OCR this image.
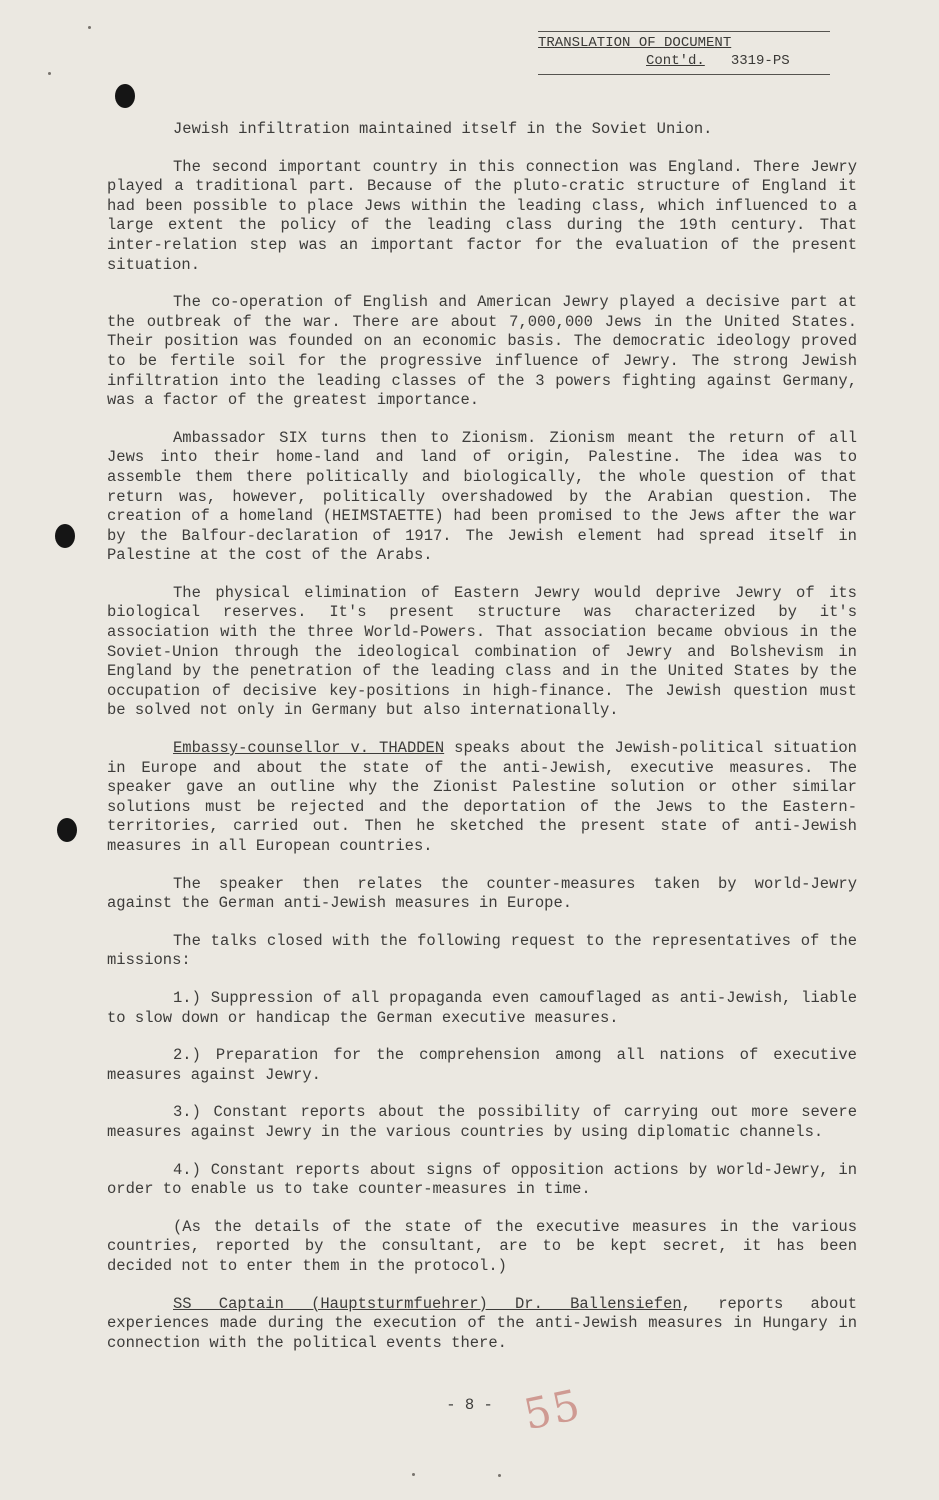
TRANSLATION OF DOCUMENT
Cont'd. 3319-PS

Jewish infiltration maintained itself in the Soviet Union.

The second important country in this connection was England. There Jewry played a traditional part. Because of the pluto-cratic structure of England it had been possible to place Jews within the leading class, which influenced to a large extent the policy of the leading class during the 19th century. That inter-relation step was an important factor for the evaluation of the present situation.

The co-operation of English and American Jewry played a decisive part at the outbreak of the war. There are about 7,000,000 Jews in the United States. Their position was founded on an economic basis. The democratic ideology proved to be fertile soil for the progressive influence of Jewry. The strong Jewish infiltration into the leading classes of the 3 powers fighting against Germany, was a factor of the greatest importance.

Ambassador SIX turns then to Zionism. Zionism meant the return of all Jews into their home-land and land of origin, Palestine. The idea was to assemble them there politically and biologically, the whole question of that return was, however, politically overshadowed by the Arabian question. The creation of a homeland (HEIMSTAETTE) had been promised to the Jews after the war by the Balfour-declaration of 1917. The Jewish element had spread itself in Palestine at the cost of the Arabs.

The physical elimination of Eastern Jewry would deprive Jewry of its biological reserves. It's present structure was characterized by it's association with the three World-Powers. That association became obvious in the Soviet-Union through the ideological combination of Jewry and Bolshevism in England by the penetration of the leading class and in the United States by the occupation of decisive key-positions in high-finance. The Jewish question must be solved not only in Germany but also internationally.

Embassy-counsellor v. THADDEN speaks about the Jewish-political situation in Europe and about the state of the anti-Jewish, executive measures. The speaker gave an outline why the Zionist Palestine solution or other similar solutions must be rejected and the deportation of the Jews to the Eastern-territories, carried out. Then he sketched the present state of anti-Jewish measures in all European countries.

The speaker then relates the counter-measures taken by world-Jewry against the German anti-Jewish measures in Europe.

The talks closed with the following request to the representatives of the missions:

1.) Suppression of all propaganda even camouflaged as anti-Jewish, liable to slow down or handicap the German executive measures.

2.) Preparation for the comprehension among all nations of executive measures against Jewry.

3.) Constant reports about the possibility of carrying out more severe measures against Jewry in the various countries by using diplomatic channels.

4.) Constant reports about signs of opposition actions by world-Jewry, in order to enable us to take counter-measures in time.

(As the details of the state of the executive measures in the various countries, reported by the consultant, are to be kept secret, it has been decided not to enter them in the protocol.)

SS Captain (Hauptsturmfuehrer) Dr. Ballensiefen, reports about experiences made during the execution of the anti-Jewish measures in Hungary in connection with the political events there.

- 8 - 55
